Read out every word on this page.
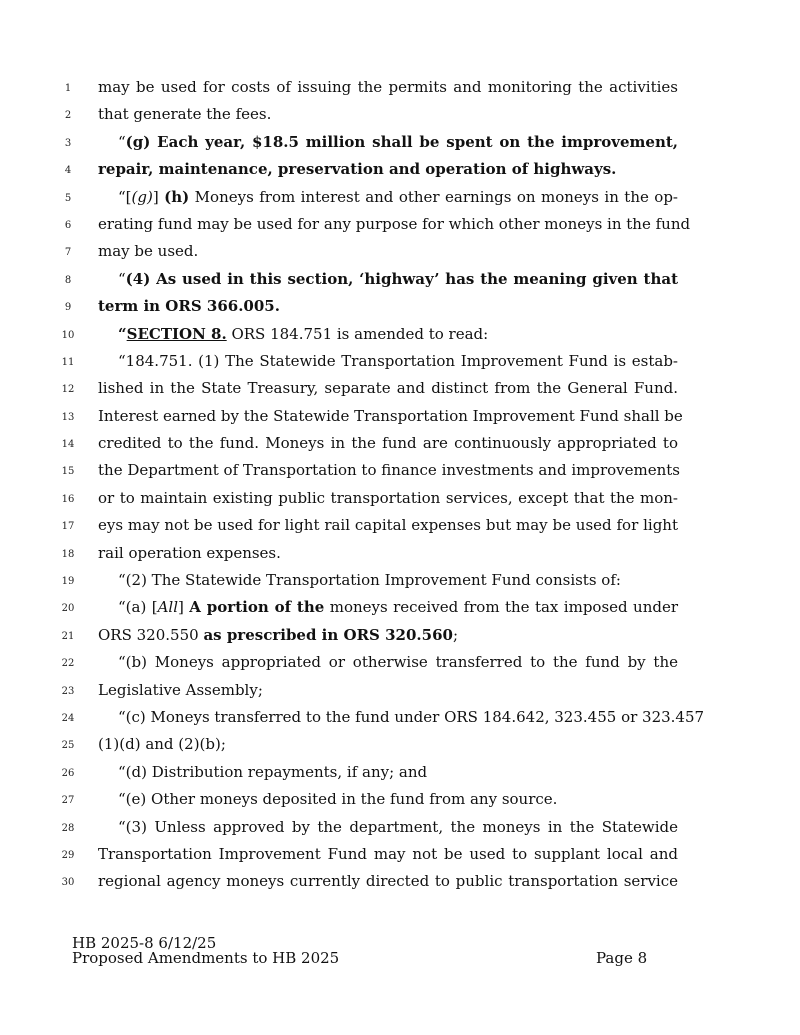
1	may be used for costs of issuing the permits and monitoring the activities
2	that generate the fees.
3	“(g) Each year, $18.5 million shall be spent on the improvement,
4	repair, maintenance, preservation and operation of highways.
5	“[(g)] (h) Moneys from interest and other earnings on moneys in the op-
6	erating fund may be used for any purpose for which other moneys in the fund
7	may be used.
8	“(4) As used in this section, ‘highway’ has the meaning given that
9	term in ORS 366.005.
10	“SECTION 8. ORS 184.751 is amended to read:
11	“184.751. (1) The Statewide Transportation Improvement Fund is estab-
12	lished in the State Treasury, separate and distinct from the General Fund.
13	Interest earned by the Statewide Transportation Improvement Fund shall be
14	credited to the fund. Moneys in the fund are continuously appropriated to
15	the Department of Transportation to finance investments and improvements
16	or to maintain existing public transportation services, except that the mon-
17	eys may not be used for light rail capital expenses but may be used for light
18	rail operation expenses.
19	“(2) The Statewide Transportation Improvement Fund consists of:
20	“(a) [All] A portion of the moneys received from the tax imposed under
21	ORS 320.550 as prescribed in ORS 320.560;
22	“(b) Moneys appropriated or otherwise transferred to the fund by the
23	Legislative Assembly;
24	“(c) Moneys transferred to the fund under ORS 184.642, 323.455 or 323.457
25	(1)(d) and (2)(b);
26	“(d) Distribution repayments, if any; and
27	“(e) Other moneys deposited in the fund from any source.
28	“(3) Unless approved by the department, the moneys in the Statewide
29	Transportation Improvement Fund may not be used to supplant local and
30	regional agency moneys currently directed to public transportation service
HB 2025-8 6/12/25
Proposed Amendments to HB 2025	Page 8
